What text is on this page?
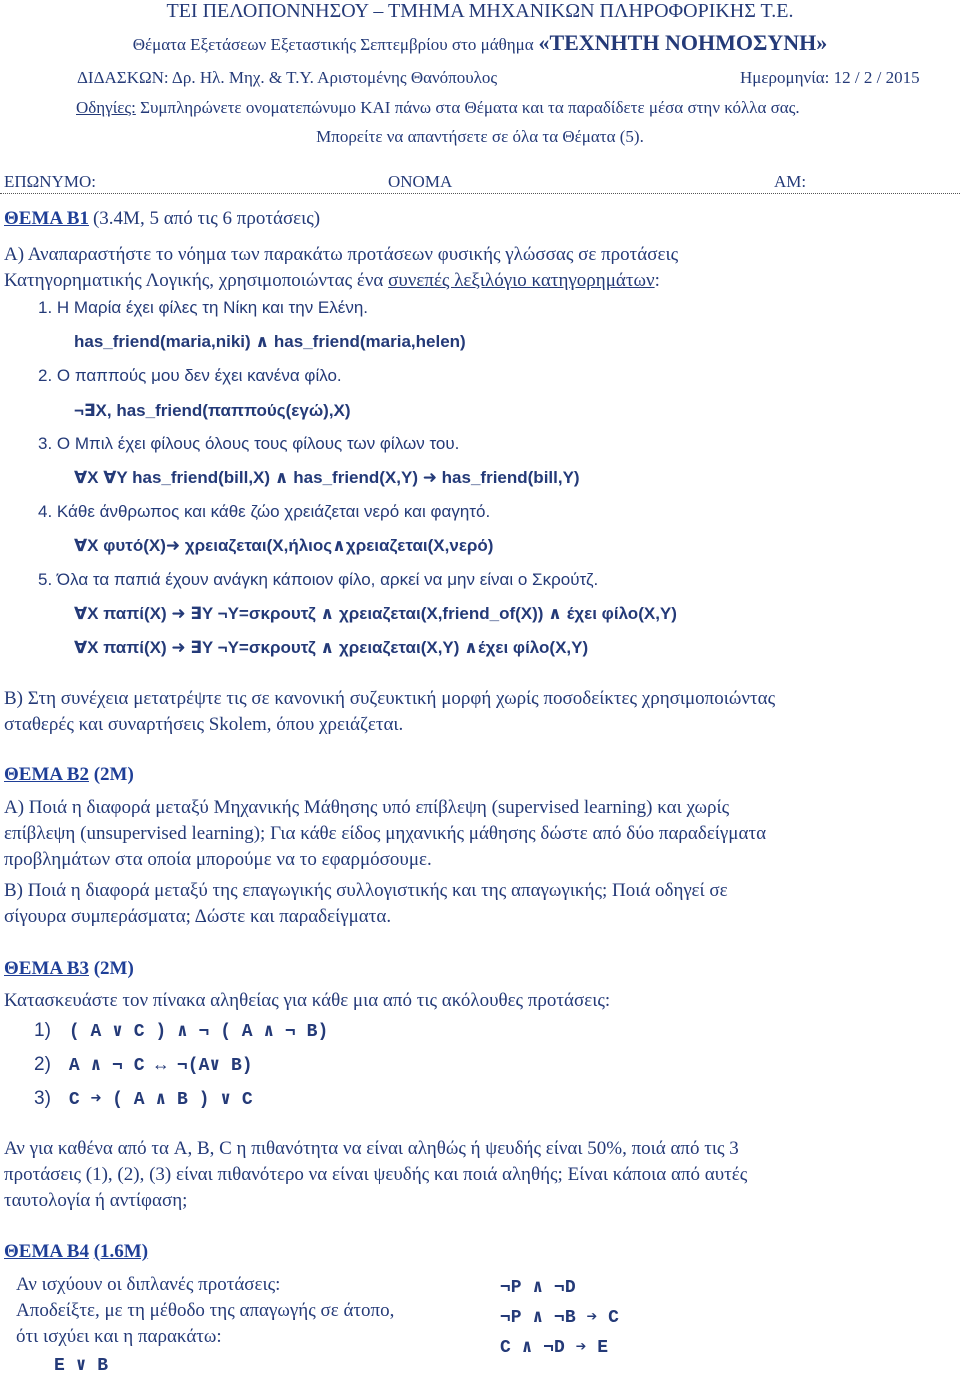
ΤΕΙ ΠΕΛΟΠΟΝΝΗΣΟΥ – ΤΜΗΜΑ ΜΗΧΑΝΙΚΩΝ ΠΛΗΡΟΦΟΡΙΚΗΣ Τ.Ε.
Θέματα Εξετάσεων Εξεταστικής Σεπτεμβρίου στο μάθημα «ΤΕΧΝΗΤΗ ΝΟΗΜΟΣΥΝΗ»
ΔΙΔΑΣΚΩΝ: Δρ. Ηλ. Μηχ. & Τ.Υ. Αριστομένης Θανόπουλος	Ημερομηνία: 12 / 2 / 2015
Οδηγίες: Συμπληρώνετε ονοματεπώνυμο ΚΑΙ πάνω στα Θέματα και τα παραδίδετε μέσα στην κόλλα σας.
Μπορείτε να απαντήσετε σε όλα τα Θέματα (5).
ΕΠΩΝΥΜΟ:	ΟΝΟΜΑ	ΑΜ:
ΘΕΜΑ Β1 (3.4Μ, 5 από τις 6 προτάσεις)
Α) Αναπαραστήστε το νόημα των παρακάτω προτάσεων φυσικής γλώσσας σε προτάσεις
Κατηγορηματικής Λογικής, χρησιμοποιώντας ένα συνεπές λεξιλόγιο κατηγορημάτων:
1. Η Μαρία έχει φίλες τη Νίκη και την Ελένη.
has_friend(maria,niki) ∧ has_friend(maria,helen)
2. Ο παππούς μου δεν έχει κανένα φίλο.
¬∃X, has_friend(παππούς(εγώ),X)
3. Ο Μπιλ έχει φίλους όλους τους φίλους των φίλων του.
∀X ∀Y has_friend(bill,X) ∧ has_friend(X,Y) ➜ has_friend(bill,Y)
4. Κάθε άνθρωπος και κάθε ζώο χρειάζεται νερό και φαγητό.
∀X φυτό(X)➜ χρειαζεται(X,ήλιος∧χρειαζεται(X,νερό)
5. Όλα τα παπιά έχουν ανάγκη κάποιον φίλο, αρκεί να μην είναι ο Σκρούτζ.
∀X παπί(X) ➜ ∃Y ¬Y=σκρουτζ ∧ χρειαζεται(X,friend_of(X)) ∧ έχει φίλο(X,Y)
∀X παπί(X) ➜ ∃Y ¬Y=σκρουτζ ∧ χρειαζεται(X,Y) ∧έχει φίλο(X,Y)
Β) Στη συνέχεια μετατρέψτε τις σε κανονική συζευκτική μορφή χωρίς ποσοδείκτες χρησιμοποιώντας
σταθερές και συναρτήσεις Skolem, όπου χρειάζεται.
ΘΕΜΑ Β2 (2Μ)
Α) Ποιά η διαφορά μεταξύ Μηχανικής Μάθησης υπό επίβλεψη (supervised learning) και χωρίς
επίβλεψη (unsupervised learning); Για κάθε είδος μηχανικής μάθησης δώστε από δύο παραδείγματα
προβλημάτων στα οποία μπορούμε να το εφαρμόσουμε.
Β) Ποιά η διαφορά μεταξύ της επαγωγικής συλλογιστικής και της απαγωγικής; Ποιά οδηγεί σε
σίγουρα συμπεράσματα; Δώστε και παραδείγματα.
ΘΕΜΑ Β3 (2Μ)
Κατασκευάστε τον πίνακα αληθείας για κάθε μια από τις ακόλουθες προτάσεις:
1) ( A ∨ C ) ∧ ¬ ( A ∧ ¬ B)
2) A ∧ ¬ C ↔ ¬(A∨ B)
3) C ➜ ( A ∧ B ) ∨ C
Αν για καθένα από τα A, B, C η πιθανότητα να είναι αληθώς ή ψευδής είναι 50%, ποιά από τις 3
προτάσεις (1), (2), (3) είναι πιθανότερο να είναι ψευδής και ποιά αληθής; Είναι κάποια από αυτές
ταυτολογία ή αντίφαση;
ΘΕΜΑ Β4 (1.6Μ)
Αν ισχύουν οι διπλανές προτάσεις:
Αποδείξτε, με τη μέθοδο της απαγωγής σε άτοπο,
ότι ισχύει και η παρακάτω:
E ∨ B
¬P ∧ ¬D
¬P ∧ ¬B ➔ C
C ∧ ¬D ➔ E
